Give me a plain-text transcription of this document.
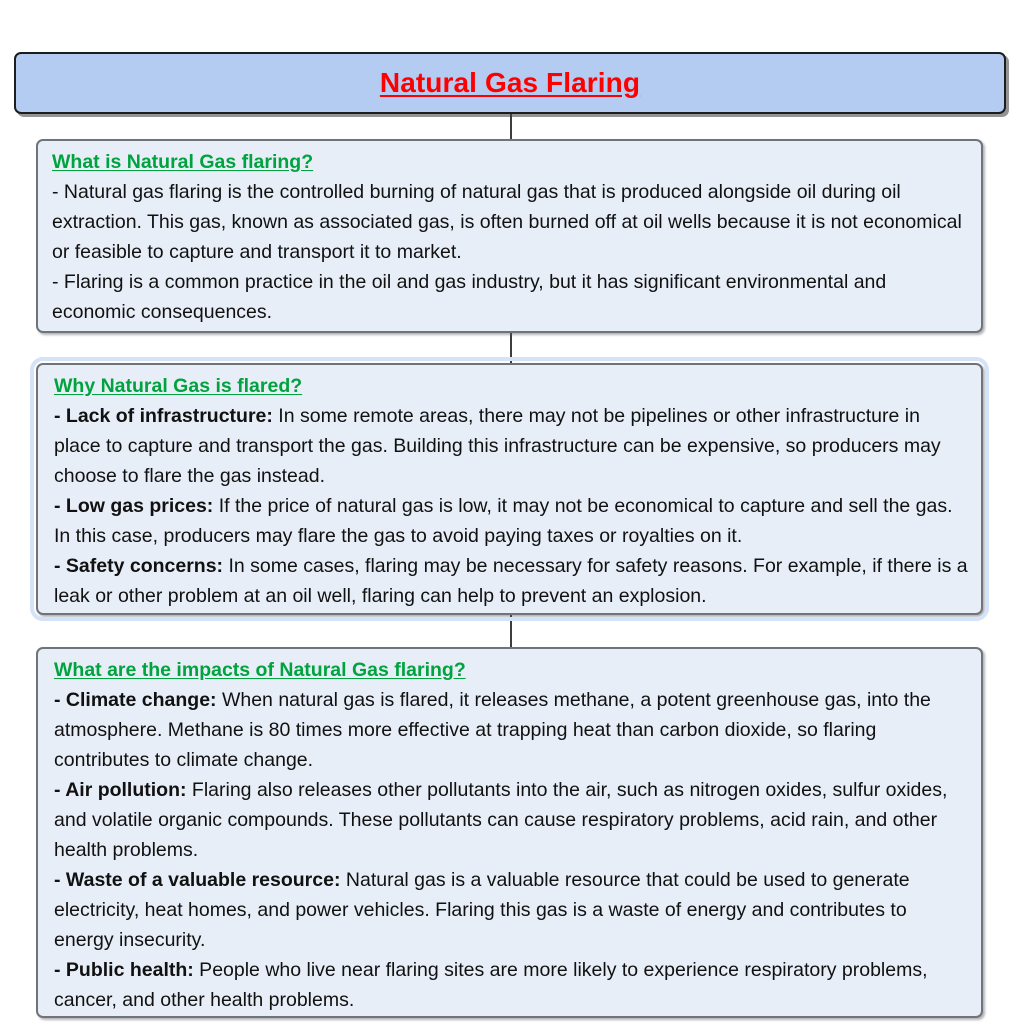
Natural Gas Flaring
What is Natural Gas flaring?

- Natural gas flaring is the controlled burning of natural gas that is produced alongside oil during oil extraction. This gas, known as associated gas, is often burned off at oil wells because it is not economical or feasible to capture and transport it to market.

- Flaring is a common practice in the oil and gas industry, but it has significant environmental and economic consequences.

Why Natural Gas is flared?

- Lack of infrastructure: In some remote areas, there may not be pipelines or other infrastructure in place to capture and transport the gas. Building this infrastructure can be expensive, so producers may choose to flare the gas instead.

- Low gas prices: If the price of natural gas is low, it may not be economical to capture and sell the gas. In this case, producers may flare the gas to avoid paying taxes or royalties on it.

- Safety concerns: In some cases, flaring may be necessary for safety reasons. For example, if there is a leak or other problem at an oil well, flaring can help to prevent an explosion.

What are the impacts of Natural Gas flaring?

- Climate change: When natural gas is flared, it releases methane, a potent greenhouse gas, into the atmosphere. Methane is 80 times more effective at trapping heat than carbon dioxide, so flaring contributes to climate change.

- Air pollution: Flaring also releases other pollutants into the air, such as nitrogen oxides, sulfur oxides, and volatile organic compounds. These pollutants can cause respiratory problems, acid rain, and other health problems.

- Waste of a valuable resource: Natural gas is a valuable resource that could be used to generate electricity, heat homes, and power vehicles. Flaring this gas is a waste of energy and contributes to energy insecurity.

- Public health: People who live near flaring sites are more likely to experience respiratory problems, cancer, and other health problems.
